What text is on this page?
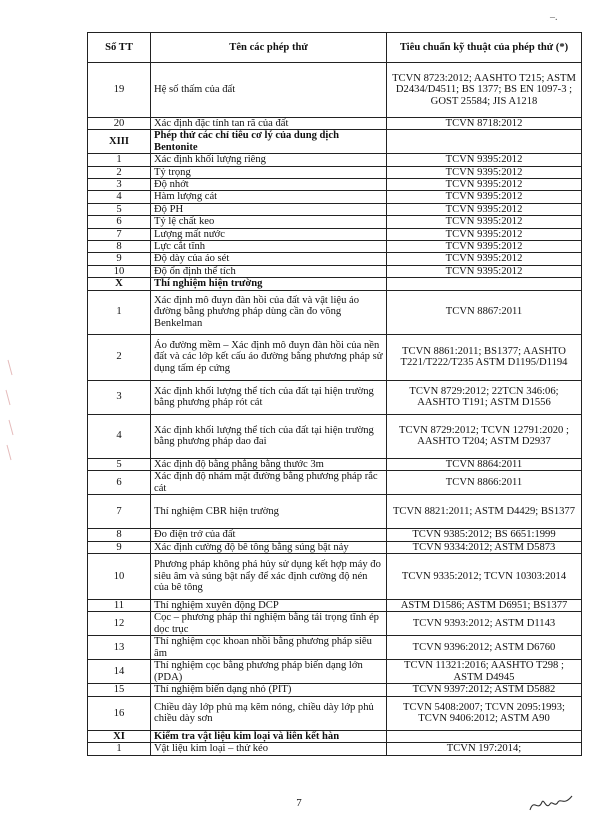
–.
Số TT	Tên các phép thử	Tiêu chuẩn kỹ thuật của phép thử (*)
19	Hệ số thấm của đất	TCVN 8723:2012; AASHTO T215; ASTM D2434/D4511; BS 1377; BS EN 1097-3 ; GOST 25584; JIS A1218
20	Xác định đặc tính tan rã của đất	TCVN 8718:2012
XIII	Phép thử các chỉ tiêu cơ lý của dung dịch Bentonite	
1	Xác định khối lượng riêng	TCVN 9395:2012
2	Tỷ trọng	TCVN 9395:2012
3	Độ nhớt	TCVN 9395:2012
4	Hàm lượng cát	TCVN 9395:2012
5	Độ PH	TCVN 9395:2012
6	Tỷ lệ chất keo	TCVN 9395:2012
7	Lượng mất nước	TCVN 9395:2012
8	Lực cắt tĩnh	TCVN 9395:2012
9	Độ dày của áo sét	TCVN 9395:2012
10	Độ ổn định thể tích	TCVN 9395:2012
X	Thí nghiệm hiện trường	
1	Xác định mô đuyn đàn hồi của đất và vật liệu áo đường bằng phương pháp dùng cần đo võng Benkelman	TCVN 8867:2011
2	Áo đường mềm – Xác định mô đuyn đàn hồi của nền đất và các lớp kết cấu áo đường bằng phương pháp sử dụng tấm ép cứng	TCVN 8861:2011; BS1377; AASHTO T221/T222/T235 ASTM D1195/D1194
3	Xác định khối lượng thể tích của đất tại hiện trường bằng phương pháp rót cát	TCVN 8729:2012; 22TCN 346:06; AASHTO T191; ASTM D1556
4	Xác định khối lượng thể tích của đất tại hiện trường bằng phương pháp dao đai	TCVN 8729:2012; TCVN 12791:2020 ; AASHTO T204; ASTM D2937
5	Xác định độ bằng phẳng bằng thước 3m	TCVN 8864:2011
6	Xác định độ nhám mặt đường bằng phương pháp rắc cát	TCVN 8866:2011
7	Thí nghiệm CBR hiện trường	TCVN 8821:2011; ASTM D4429; BS1377
8	Đo điện trở của đất	TCVN 9385:2012; BS 6651:1999
9	Xác định cường độ bê tông bằng súng bật nảy	TCVN 9334:2012; ASTM D5873
10	Phương pháp không phá hủy sử dụng kết hợp máy đo siêu âm và súng bật nẩy để xác định cường độ nén của bê tông	TCVN 9335:2012; TCVN 10303:2014
11	Thí nghiệm xuyên động DCP	ASTM D1586; ASTM D6951; BS1377
12	Cọc – phương pháp thí nghiệm bằng tải trọng tĩnh ép dọc trục	TCVN 9393:2012; ASTM D1143
13	Thí nghiệm cọc khoan nhồi bằng phương pháp siêu âm	TCVN 9396:2012; ASTM D6760
14	Thí nghiệm cọc bằng phương pháp biến dạng lớn (PDA)	TCVN 11321:2016; AASHTO T298 ; ASTM D4945
15	Thí nghiệm biến dạng nhỏ (PIT)	TCVN 9397:2012; ASTM D5882
16	Chiều dày lớp phủ mạ kẽm nóng, chiều dày lớp phủ chiều dày sơn	TCVN 5408:2007; TCVN 2095:1993; TCVN 9406:2012; ASTM A90
XI	Kiểm tra vật liệu kim loại và liên kết hàn	
1	Vật liệu kim loại – thử kéo	TCVN 197:2014;
7
